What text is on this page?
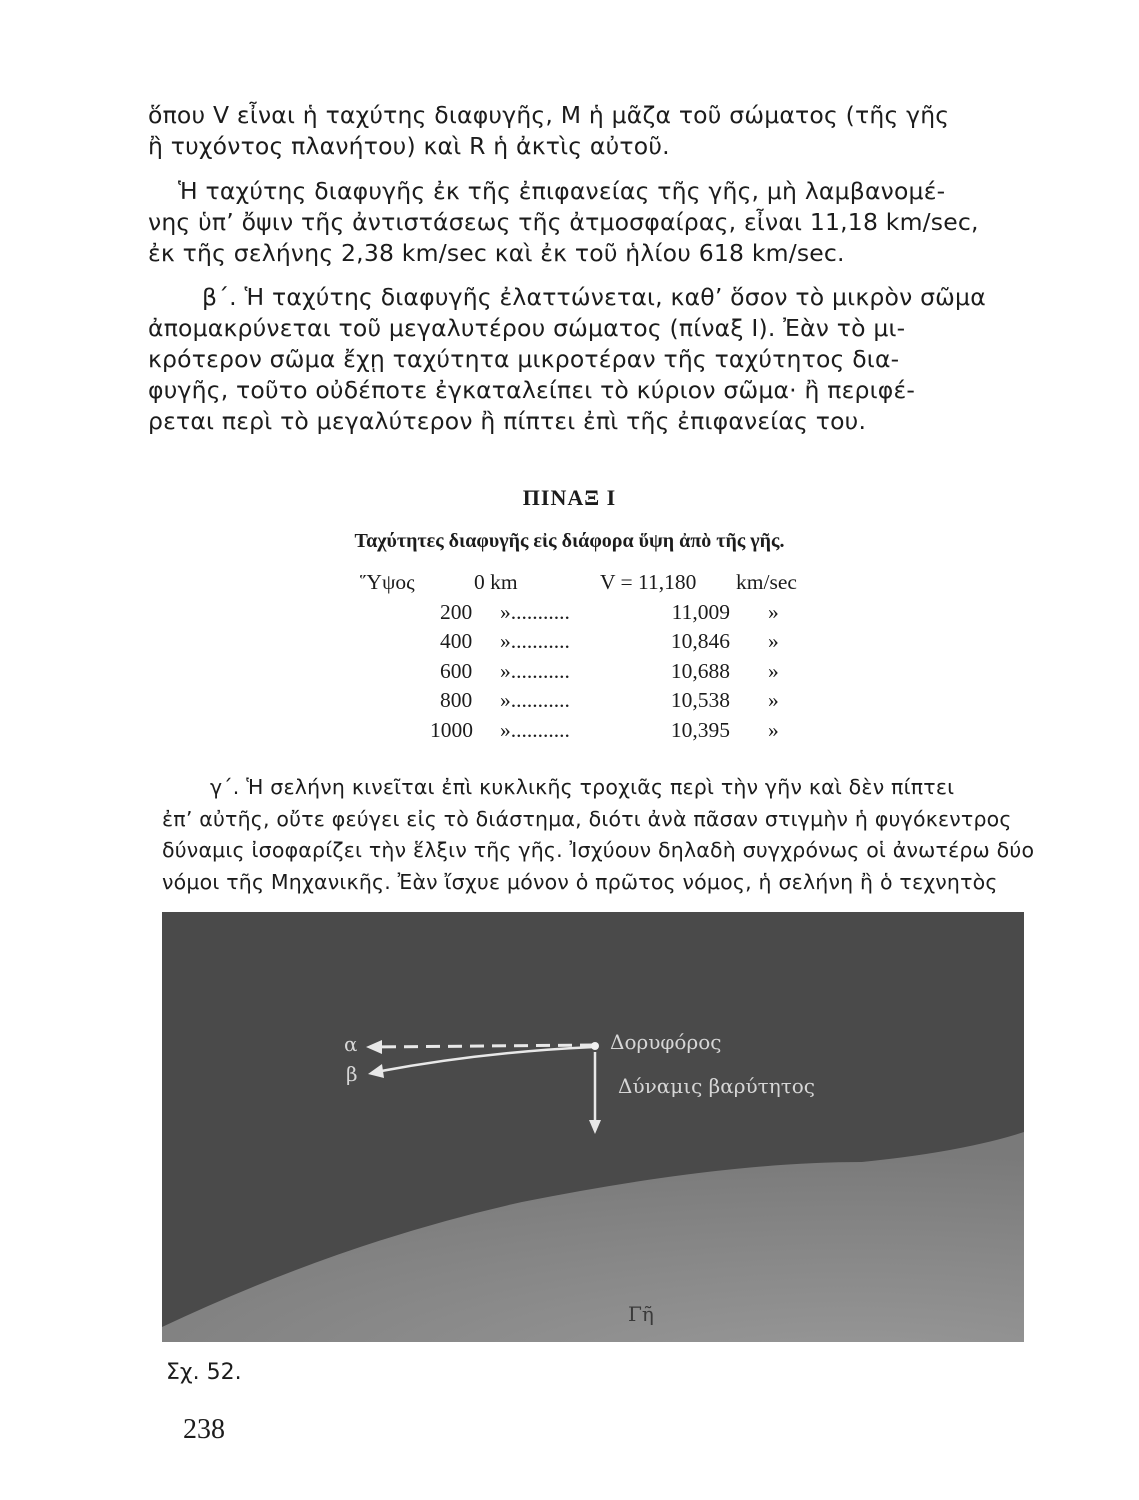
ὅπου V εἶναι ἡ ταχύτης διαφυγῆς, M ἡ μᾶζα τοῦ σώματος (τῆς γῆς
ἢ τυχόντος πλανήτου) καὶ R ἡ ἀκτὶς αὐτοῦ.
Ἡ ταχύτης διαφυγῆς ἐκ τῆς ἐπιφανείας τῆς γῆς, μὴ λαμβανομέ-
νης ὑπ’ ὄψιν τῆς ἀντιστάσεως τῆς ἀτμοσφαίρας, εἶναι 11,18 km/sec,
ἐκ τῆς σελήνης 2,38 km/sec καὶ ἐκ τοῦ ἡλίου 618 km/sec.
β΄. Ἡ ταχύτης διαφυγῆς ἐλαττώνεται, καθ’ ὅσον τὸ μικρὸν σῶμα
ἀπομακρύνεται τοῦ μεγαλυτέρου σώματος (πίναξ I). Ἐὰν τὸ μι-
κρότερον σῶμα ἔχῃ ταχύτητα μικροτέραν τῆς ταχύτητος δια-
φυγῆς, τοῦτο οὐδέποτε ἐγκαταλείπει τὸ κύριον σῶμα· ἢ περιφέ-
ρεται περὶ τὸ μεγαλύτερον ἢ πίπτει ἐπὶ τῆς ἐπιφανείας του.
ΠΙΝΑΞ I
Ταχύτητες διαφυγῆς εἰς διάφορα ὕψη ἀπὸ τῆς γῆς.
Ὕψος	0 km	V = 11,180 km/sec
200 »...........	11,009 »
400 »...........	10,846 »
600 »...........	10,688 »
800 »...........	10,538 »
1000 »...........	10,395 »
γ΄. Ἡ σελήνη κινεῖται ἐπὶ κυκλικῆς τροχιᾶς περὶ τὴν γῆν καὶ δὲν πίπτει
ἐπ’ αὐτῆς, οὔτε φεύγει εἰς τὸ διάστημα, διότι ἀνὰ πᾶσαν στιγμὴν ἡ φυγόκεντρος
δύναμις ἰσοφαρίζει τὴν ἕλξιν τῆς γῆς. Ἰσχύουν δηλαδὴ συγχρόνως οἱ ἀνωτέρω δύο
νόμοι τῆς Μηχανικῆς. Ἐὰν ἴσχυε μόνον ὁ πρῶτος νόμος, ἡ σελήνη ἢ ὁ τεχνητὸς
α
β
Δορυφόρος
Δύναμις βαρύτητος
Γῆ
Σχ. 52.
238
